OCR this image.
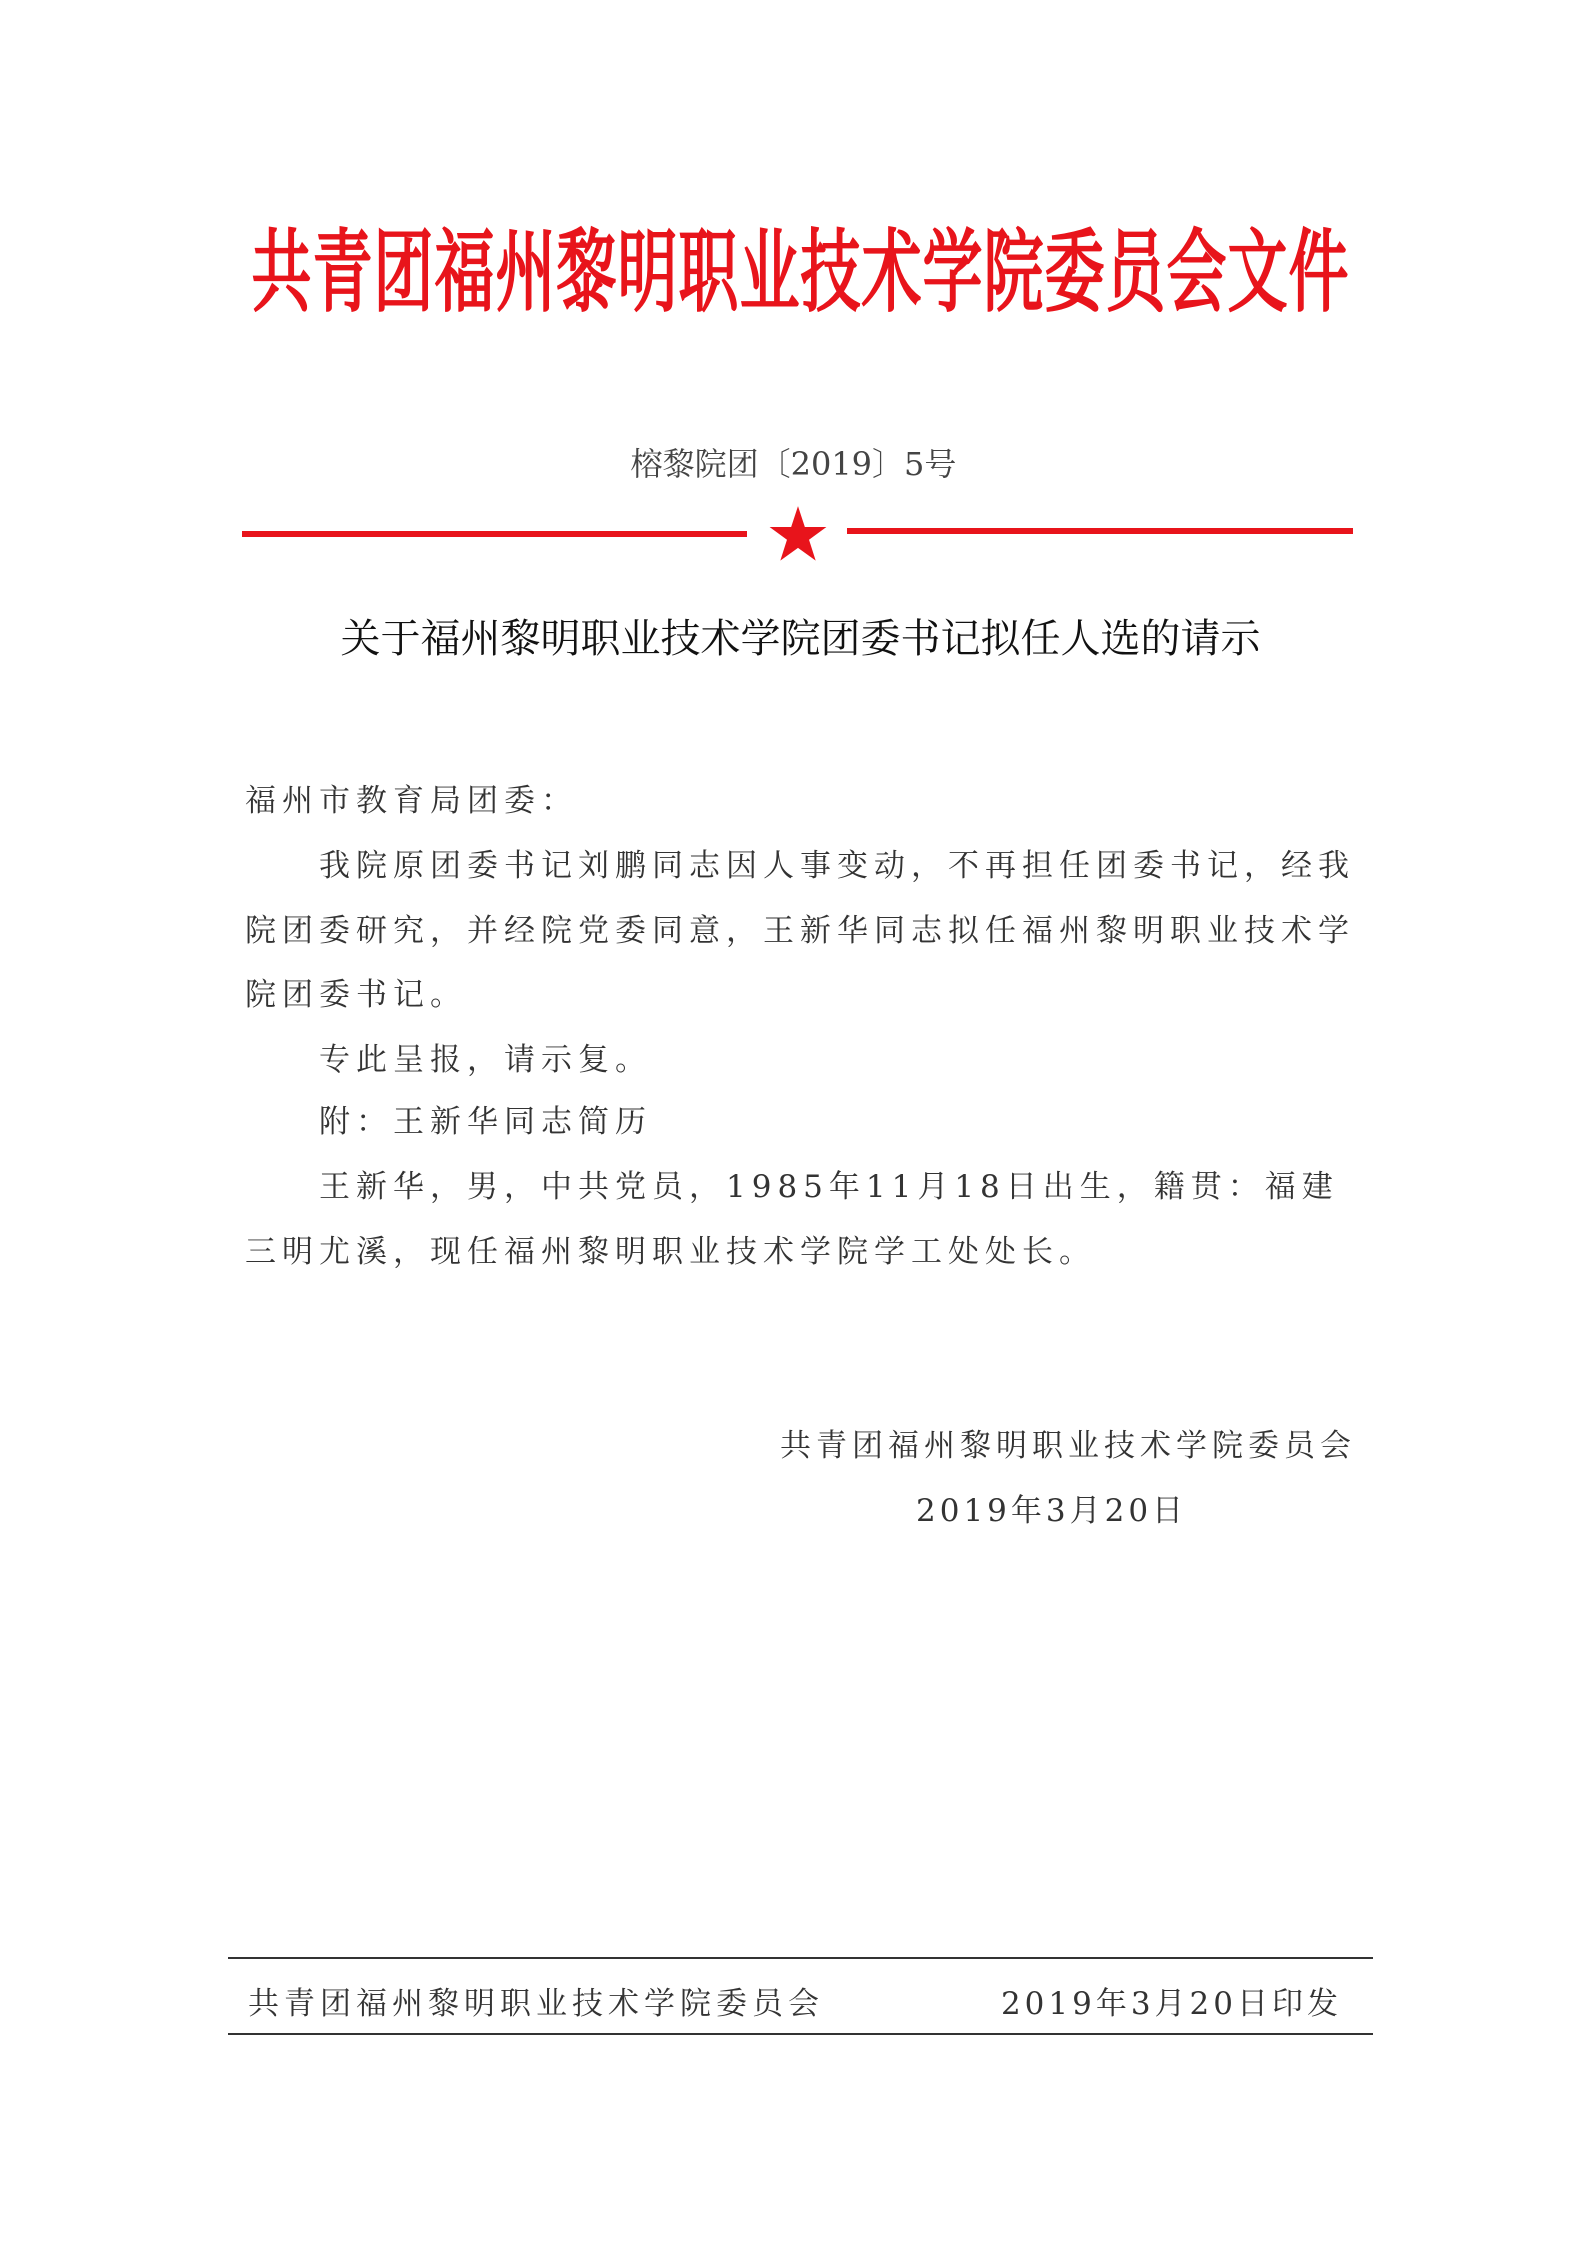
共青团福州黎明职业技术学院委员会文件
榕黎院团〔2019〕5号
关于福州黎明职业技术学院团委书记拟任人选的请示
福州市教育局团委：
我院原团委书记刘鹏同志因人事变动，不再担任团委书记，经我
院团委研究，并经院党委同意，王新华同志拟任福州黎明职业技术学
院团委书记。
专此呈报，请示复。
附：王新华同志简历
王新华，男，中共党员，1985年11月18日出生，籍贯：福建
三明尤溪，现任福州黎明职业技术学院学工处处长。
共青团福州黎明职业技术学院委员会
2019年3月20日
共青团福州黎明职业技术学院委员会	2019年3月20日印发
